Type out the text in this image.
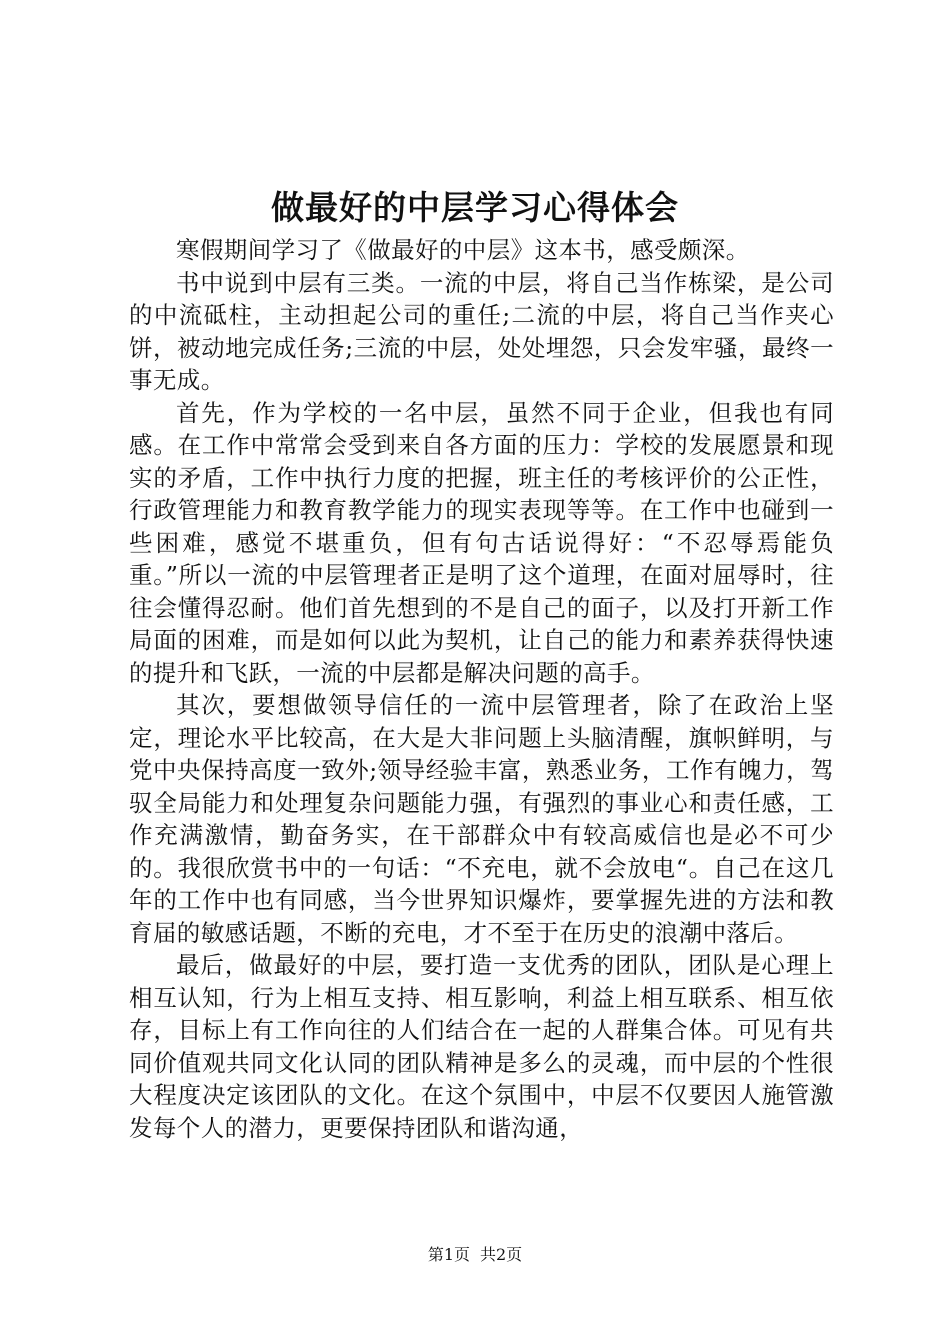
做最好的中层学习心得体会

寒假期间学习了《做最好的中层》这本书，感受颇深。

书中说到中层有三类。一流的中层，将自己当作栋梁，是公司的中流砥柱，主动担起公司的重任;二流的中层，将自己当作夹心饼，被动地完成任务;三流的中层，处处埋怨，只会发牢骚，最终一事无成。

首先，作为学校的一名中层，虽然不同于企业，但我也有同感。在工作中常常会受到来自各方面的压力：学校的发展愿景和现实的矛盾，工作中执行力度的把握，班主任的考核评价的公正性，行政管理能力和教育教学能力的现实表现等等。在工作中也碰到一些困难，感觉不堪重负，但有句古话说得好：“不忍辱焉能负重。”所以一流的中层管理者正是明了这个道理，在面对屈辱时，往往会懂得忍耐。他们首先想到的不是自己的面子，以及打开新工作局面的困难，而是如何以此为契机，让自己的能力和素养获得快速的提升和飞跃，一流的中层都是解决问题的高手。

其次，要想做领导信任的一流中层管理者，除了在政治上坚定，理论水平比较高，在大是大非问题上头脑清醒，旗帜鲜明，与党中央保持高度一致外;领导经验丰富，熟悉业务，工作有魄力，驾驭全局能力和处理复杂问题能力强，有强烈的事业心和责任感，工作充满激情，勤奋务实，在干部群众中有较高威信也是必不可少的。我很欣赏书中的一句话：“不充电，就不会放电“。自己在这几年的工作中也有同感，当今世界知识爆炸，要掌握先进的方法和教育届的敏感话题，不断的充电，才不至于在历史的浪潮中落后。

最后，做最好的中层，要打造一支优秀的团队，团队是心理上相互认知，行为上相互支持、相互影响，利益上相互联系、相互依存，目标上有工作向往的人们结合在一起的人群集合体。可见有共同价值观共同文化认同的团队精神是多么的灵魂，而中层的个性很大程度决定该团队的文化。在这个氛围中，中层不仅要因人施管激发每个人的潜力，更要保持团队和谐沟通，

第1页 共2页
